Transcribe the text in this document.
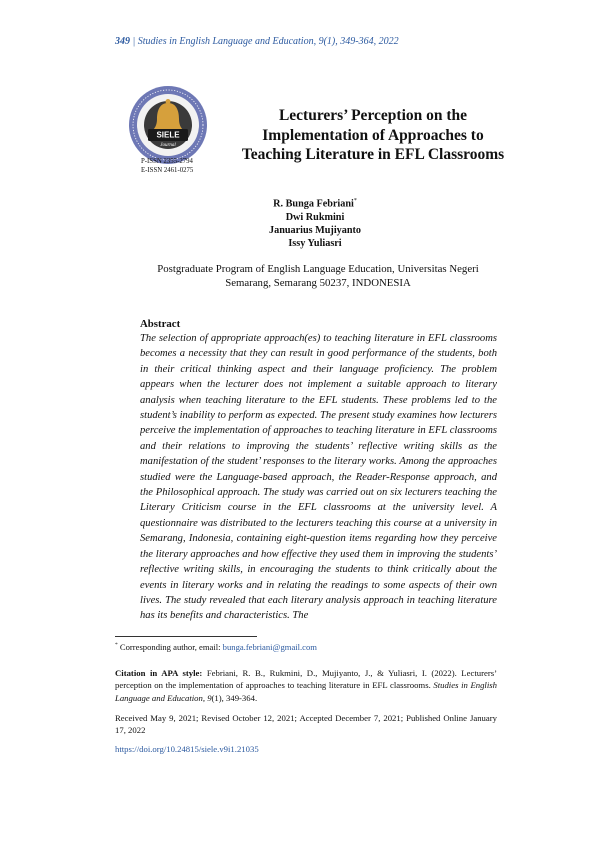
349 | Studies in English Language and Education, 9(1), 349-364, 2022
SIELE
Journal
P-ISSN 2355-2794
E-ISSN 2461-0275
Lecturers’ Perception on the
Implementation of Approaches to
Teaching Literature in EFL Classrooms
R. Bunga Febriani*
Dwi Rukmini
Januarius Mujiyanto
Issy Yuliasri
Postgraduate Program of English Language Education, Universitas Negeri
Semarang, Semarang 50237, INDONESIA
Abstract

The selection of appropriate approach(es) to teaching literature in EFL classrooms becomes a necessity that they can result in good performance of the students, both in their critical thinking aspect and their language proficiency. The problem appears when the lecturer does not implement a suitable approach to literary analysis when teaching literature to the EFL students. These problems led to the student’s inability to perform as expected. The present study examines how lecturers perceive the implementation of approaches to teaching literature in EFL classrooms and their relations to improving the students’ reflective writing skills as the manifestation of the student’ responses to the literary works. Among the approaches studied were the Language-based approach, the Reader-Response approach, and the Philosophical approach. The study was carried out on six lecturers teaching the Literary Criticism course in the EFL classrooms at the university level. A questionnaire was distributed to the lecturers teaching this course at a university in Semarang, Indonesia, containing eight-question items regarding how they perceive the literary approaches and how effective they used them in improving the students’ reflective writing skills, in encouraging the students to think critically about the events in literary works and in relating the readings to some aspects of their own lives. The study revealed that each literary analysis approach in teaching literature has its benefits and characteristics. The

* Corresponding author, email: bunga.febriani@gmail.com

Citation in APA style: Febriani, R. B., Rukmini, D., Mujiyanto, J., & Yuliasri, I. (2022). Lecturers’ perception on the implementation of approaches to teaching literature in EFL classrooms. Studies in English Language and Education, 9(1), 349-364.

Received May 9, 2021; Revised October 12, 2021; Accepted December 7, 2021; Published Online January 17, 2022

https://doi.org/10.24815/siele.v9i1.21035
